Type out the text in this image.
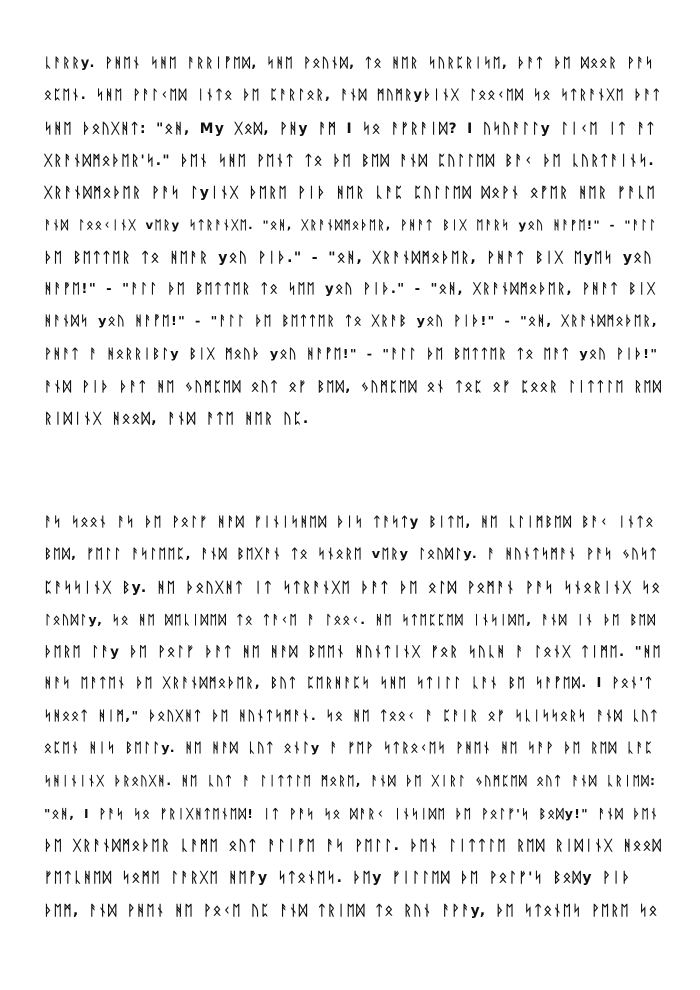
ᚳᚨᚱᚱy. ᚹᚻᛖᚾ ᛋᚻᛖ ᚨᚱᚱᛁᚡᛖᛞ, ᛋᚻᛖ ᚹᛟᚢᚾᛞ, ᛏᛟ ᚻᛖᚱ ᛋᚢᚱᛈᚱᛁᛋᛖ, ᚦᚨᛏ ᚦᛖ ᛞᛟᛟᚱ ᚹᚨᛋ
ᛟᛈᛖᚾ. ᛋᚻᛖ ᚹᚨᛚᚲᛖᛞ ᛁᚾᛏᛟ ᚦᛖ ᛈᚨᚱᛚᛟᚱ, ᚨᚾᛞ ᛗᚢᛗᚱyᚦᛁᚾᚷ ᛚᛟᛟᚲᛖᛞ ᛋᛟ ᛋᛏᚱᚨᚾᚷᛖ ᚦᚨᛏ
ᛋᚻᛖ ᚦᛟᚢᚷᚻᛏ: "ᛟᚻ, My ᚷᛟᛞ, ᚹᚻy ᚨᛗ I ᛋᛟ ᚨᚠᚱᚨᛁᛞ? I ᚢᛋᚢᚨᛚᛚy ᛚᛁᚲᛖ ᛁᛏ ᚨᛏ
ᚷᚱᚨᚾᛞᛗᛟᚦᛖᚱ'ᛋ." ᚦᛖᚾ ᛋᚻᛖ ᚹᛖᚾᛏ ᛏᛟ ᚦᛖ ᛒᛖᛞ ᚨᚾᛞ ᛈᚢᛚᛚᛖᛞ ᛒᚨᚲ ᚦᛖ ᚳᚢᚱᛏᚨᛁᚾᛋ.
ᚷᚱᚨᚾᛞᛗᛟᚦᛖᚱ ᚹᚨᛋ ᛚyᛁᚾᚷ ᚦᛖᚱᛖ ᚹᛁᚦ ᚻᛖᚱ ᚳᚨᛈ ᛈᚢᛚᛚᛖᛞ ᛞᛟᚹᚾ ᛟᚡᛖᚱ ᚻᛖᚱ ᚠᚨᚳᛖ
ᚨᚾᛞ ᛚᛟᛟᚲᛁᚾᚷ vᛖᚱy ᛋᛏᚱᚨᚾᚷᛖ. "ᛟᚻ, ᚷᚱᚨᚾᛞᛗᛟᚦᛖᚱ, ᚹᚻᚨᛏ ᛒᛁᚷ ᛖᚨᚱᛋ yᛟᚢ ᚻᚨᚡᛖ!" - "ᚨᛚᛚ
ᚦᛖ ᛒᛖᛏᛏᛖᚱ ᛏᛟ ᚻᛖᚨᚱ yᛟᚢ ᚹᛁᚦ." - "ᛟᚻ, ᚷᚱᚨᚾᛞᛗᛟᚦᛖᚱ, ᚹᚻᚨᛏ ᛒᛁᚷ ᛖyᛖᛋ yᛟᚢ
ᚻᚨᚡᛖ!" - "ᚨᛚᛚ ᚦᛖ ᛒᛖᛏᛏᛖᚱ ᛏᛟ ᛋᛖᛖ yᛟᚢ ᚹᛁᚦ." - "ᛟᚻ, ᚷᚱᚨᚾᛞᛗᛟᚦᛖᚱ, ᚹᚻᚨᛏ ᛒᛁᚷ
ᚻᚨᚾᛞᛋ yᛟᚢ ᚻᚨᚡᛖ!" - "ᚨᛚᛚ ᚦᛖ ᛒᛖᛏᛏᛖᚱ ᛏᛟ ᚷᚱᚨᛒ yᛟᚢ ᚹᛁᚦ!" - "ᛟᚻ, ᚷᚱᚨᚾᛞᛗᛟᚦᛖᚱ,
ᚹᚻᚨᛏ ᚨ ᚻᛟᚱᚱᛁᛒᛚy ᛒᛁᚷ ᛗᛟᚢᚦ yᛟᚢ ᚻᚨᚡᛖ!" - "ᚨᛚᛚ ᚦᛖ ᛒᛖᛏᛏᛖᚱ ᛏᛟ ᛖᚨᛏ yᛟᚢ ᚹᛁᚦ!"
ᚨᚾᛞ ᚹᛁᚦ ᚦᚨᛏ ᚻᛖ ᛃᚢᛗᛈᛖᛞ ᛟᚢᛏ ᛟᚠ ᛒᛖᛞ, ᛃᚢᛗᛈᛖᛞ ᛟᚾ ᛏᛟᛈ ᛟᚠ ᛈᛟᛟᚱ ᛚᛁᛏᛏᛚᛖ ᚱᛖᛞ
ᚱᛁᛞᛁᚾᚷ ᚻᛟᛟᛞ, ᚨᚾᛞ ᚨᛏᛖ ᚻᛖᚱ ᚢᛈ.
ᚨᛋ ᛋᛟᛟᚾ ᚨᛋ ᚦᛖ ᚹᛟᛚᚠ ᚻᚨᛞ ᚠᛁᚾᛁᛋᚻᛖᛞ ᚦᛁᛋ ᛏᚨᛋᛏy ᛒᛁᛏᛖ, ᚻᛖ ᚳᛚᛁᛗᛒᛖᛞ ᛒᚨᚲ ᛁᚾᛏᛟ
ᛒᛖᛞ, ᚠᛖᛚᛚ ᚨᛋᛚᛖᛖᛈ, ᚨᚾᛞ ᛒᛖᚷᚨᚾ ᛏᛟ ᛋᚾᛟᚱᛖ vᛖᚱy ᛚᛟᚢᛞᛚy. ᚨ ᚻᚢᚾᛏᛋᛗᚨᚾ ᚹᚨᛋ ᛃᚢᛋᛏ
ᛈᚨᛋᛋᛁᚾᚷ ᛒy. ᚻᛖ ᚦᛟᚢᚷᚻᛏ ᛁᛏ ᛋᛏᚱᚨᚾᚷᛖ ᚦᚨᛏ ᚦᛖ ᛟᛚᛞ ᚹᛟᛗᚨᚾ ᚹᚨᛋ ᛋᚾᛟᚱᛁᚾᚷ ᛋᛟ
ᛚᛟᚢᛞᛚy, ᛋᛟ ᚻᛖ ᛞᛖᚳᛁᛞᛖᛞ ᛏᛟ ᛏᚨᚲᛖ ᚨ ᛚᛟᛟᚲ. ᚻᛖ ᛋᛏᛖᛈᛈᛖᛞ ᛁᚾᛋᛁᛞᛖ, ᚨᚾᛞ ᛁᚾ ᚦᛖ ᛒᛖᛞ
ᚦᛖᚱᛖ ᛚᚨy ᚦᛖ ᚹᛟᛚᚠ ᚦᚨᛏ ᚻᛖ ᚻᚨᛞ ᛒᛖᛖᚾ ᚻᚢᚾᛏᛁᚾᚷ ᚠᛟᚱ ᛋᚢᚳᚻ ᚨ ᛚᛟᚾᚷ ᛏᛁᛗᛖ. "ᚻᛖ
ᚻᚨᛋ ᛖᚨᛏᛖᚾ ᚦᛖ ᚷᚱᚨᚾᛞᛗᛟᚦᛖᚱ, ᛒᚢᛏ ᛈᛖᚱᚻᚨᛈᛋ ᛋᚻᛖ ᛋᛏᛁᛚᛚ ᚳᚨᚾ ᛒᛖ ᛋᚨᚡᛖᛞ. I ᚹᛟᚾ'ᛏ
ᛋᚻᛟᛟᛏ ᚻᛁᛗ," ᚦᛟᚢᚷᚻᛏ ᚦᛖ ᚻᚢᚾᛏᛋᛗᚨᚾ. ᛋᛟ ᚻᛖ ᛏᛟᛟᚲ ᚨ ᛈᚨᛁᚱ ᛟᚠ ᛋᚳᛁᛋᛋᛟᚱᛋ ᚨᚾᛞ ᚳᚢᛏ
ᛟᛈᛖᚾ ᚻᛁᛋ ᛒᛖᛚᛚy. ᚻᛖ ᚻᚨᛞ ᚳᚢᛏ ᛟᚾᛚy ᚨ ᚠᛖᚹ ᛋᛏᚱᛟᚲᛖᛋ ᚹᚻᛖᚾ ᚻᛖ ᛋᚨᚹ ᚦᛖ ᚱᛖᛞ ᚳᚨᛈ
ᛋᚻᛁᚾᛁᚾᚷ ᚦᚱᛟᚢᚷᚻ. ᚻᛖ ᚳᚢᛏ ᚨ ᛚᛁᛏᛏᛚᛖ ᛗᛟᚱᛖ, ᚨᚾᛞ ᚦᛖ ᚷᛁᚱᛚ ᛃᚢᛗᛈᛖᛞ ᛟᚢᛏ ᚨᚾᛞ ᚳᚱᛁᛖᛞ:
"ᛟᚻ, I ᚹᚨᛋ ᛋᛟ ᚠᚱᛁᚷᚻᛏᛖᚾᛖᛞ! ᛁᛏ ᚹᚨᛋ ᛋᛟ ᛞᚨᚱᚲ ᛁᚾᛋᛁᛞᛖ ᚦᛖ ᚹᛟᛚᚠ'ᛋ ᛒᛟᛞy!" ᚨᚾᛞ ᚦᛖᚾ
ᚦᛖ ᚷᚱᚨᚾᛞᛗᛟᚦᛖᚱ ᚳᚨᛗᛖ ᛟᚢᛏ ᚨᛚᛁᚡᛖ ᚨᛋ ᚹᛖᛚᛚ. ᚦᛖᚾ ᛚᛁᛏᛏᛚᛖ ᚱᛖᛞ ᚱᛁᛞᛁᚾᚷ ᚻᛟᛟᛞ
ᚠᛖᛏᚳᚻᛖᛞ ᛋᛟᛗᛖ ᛚᚨᚱᚷᛖ ᚻᛖᚡy ᛋᛏᛟᚾᛖᛋ. ᚦᛖy ᚠᛁᛚᛚᛖᛞ ᚦᛖ ᚹᛟᛚᚠ'ᛋ ᛒᛟᛞy ᚹᛁᚦ
ᚦᛖᛗ, ᚨᚾᛞ ᚹᚻᛖᚾ ᚻᛖ ᚹᛟᚲᛖ ᚢᛈ ᚨᚾᛞ ᛏᚱᛁᛖᛞ ᛏᛟ ᚱᚢᚾ ᚨᚹᚨy, ᚦᛖ ᛋᛏᛟᚾᛖᛋ ᚹᛖᚱᛖ ᛋᛟ
